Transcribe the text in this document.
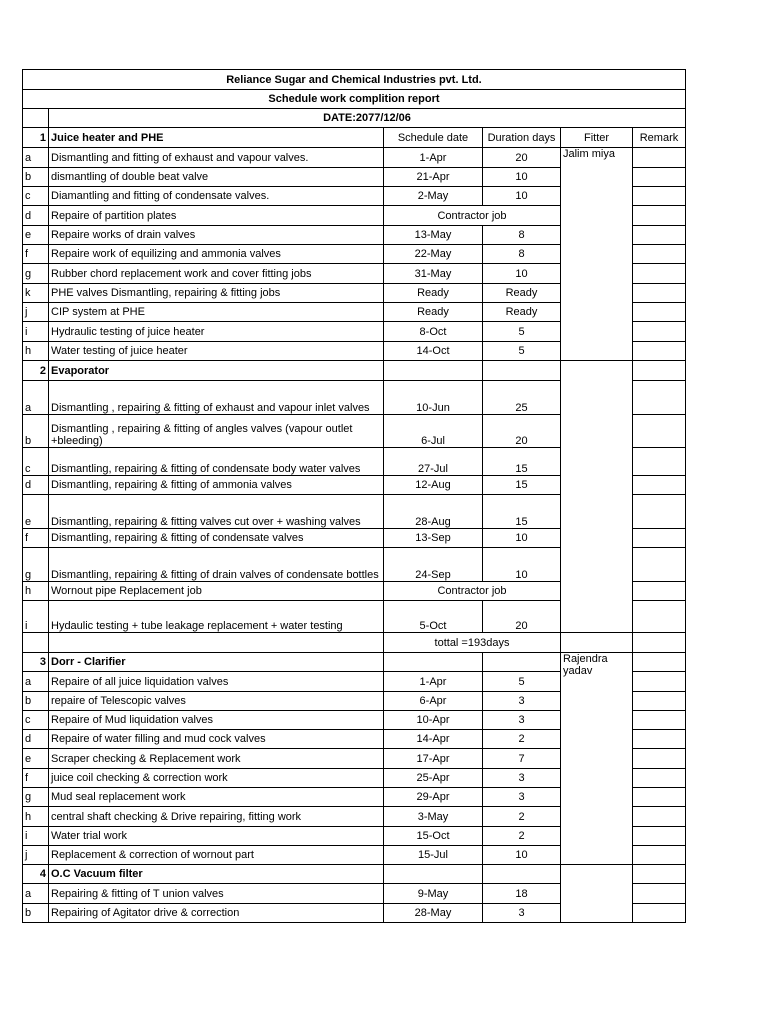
Reliance Sugar and Chemical Industries pvt. Ltd.					
Schedule work complition report					
	DATE:2077/12/06				
1	Juice heater and PHE	Schedule date	Duration days	Fitter	Remark
a	Dismantling and fitting of exhaust and vapour valves.	1-Apr	20	Jalim miya	
b	dismantling of double beat valve	21-Apr	10		
c	Diamantling and fitting of condensate valves.	2-May	10		
d	Repaire of partition plates	Contractor job			
e	Repaire works of drain valves	13-May	8		
f	Repaire work of equilizing and ammonia valves	22-May	8		
g	Rubber chord replacement work and cover fitting jobs	31-May	10		
k	PHE valves Dismantling, repairing & fitting jobs	Ready	Ready		
j	CIP system at PHE	Ready	Ready		
i	Hydraulic testing of juice heater	8-Oct	5		
h	Water testing of juice heater	14-Oct	5		
2	Evaporator				
a	Dismantling , repairing & fitting of exhaust and vapour inlet valves	10-Jun	25		
b	Dismantling , repairing & fitting of angles valves (vapour outlet +bleeding)	6-Jul	20		
c	Dismantling, repairing & fitting of condensate body water valves	27-Jul	15		
d	Dismantling, repairing & fitting of ammonia valves	12-Aug	15		
e	Dismantling, repairing & fitting valves cut over + washing valves	28-Aug	15		
f	Dismantling, repairing & fitting of condensate valves	13-Sep	10		
g	Dismantling, repairing & fitting of drain valves of condensate bottles	24-Sep	10		
h	Wornout pipe Replacement job	Contractor job			
i	Hydaulic testing + tube leakage replacement + water testing	5-Oct	20		
		tottal =193days			
3	Dorr - Clarifier			Rajendra yadav	
a	Repaire of all juice liquidation valves	1-Apr	5		
b	repaire of Telescopic valves	6-Apr	3		
c	Repaire of Mud liquidation valves	10-Apr	3		
d	Repaire of water filling and mud cock valves	14-Apr	2		
e	Scraper checking & Replacement work	17-Apr	7		
f	juice coil checking & correction work	25-Apr	3		
g	Mud seal replacement work	29-Apr	3		
h	central shaft checking & Drive repairing, fitting work	3-May	2		
i	Water trial work	15-Oct	2		
j	Replacement & correction of wornout part	15-Jul	10		
4	O.C Vacuum filter				
a	Repairing & fitting of T union valves	9-May	18		
b	Repairing of Agitator drive & correction	28-May	3		
